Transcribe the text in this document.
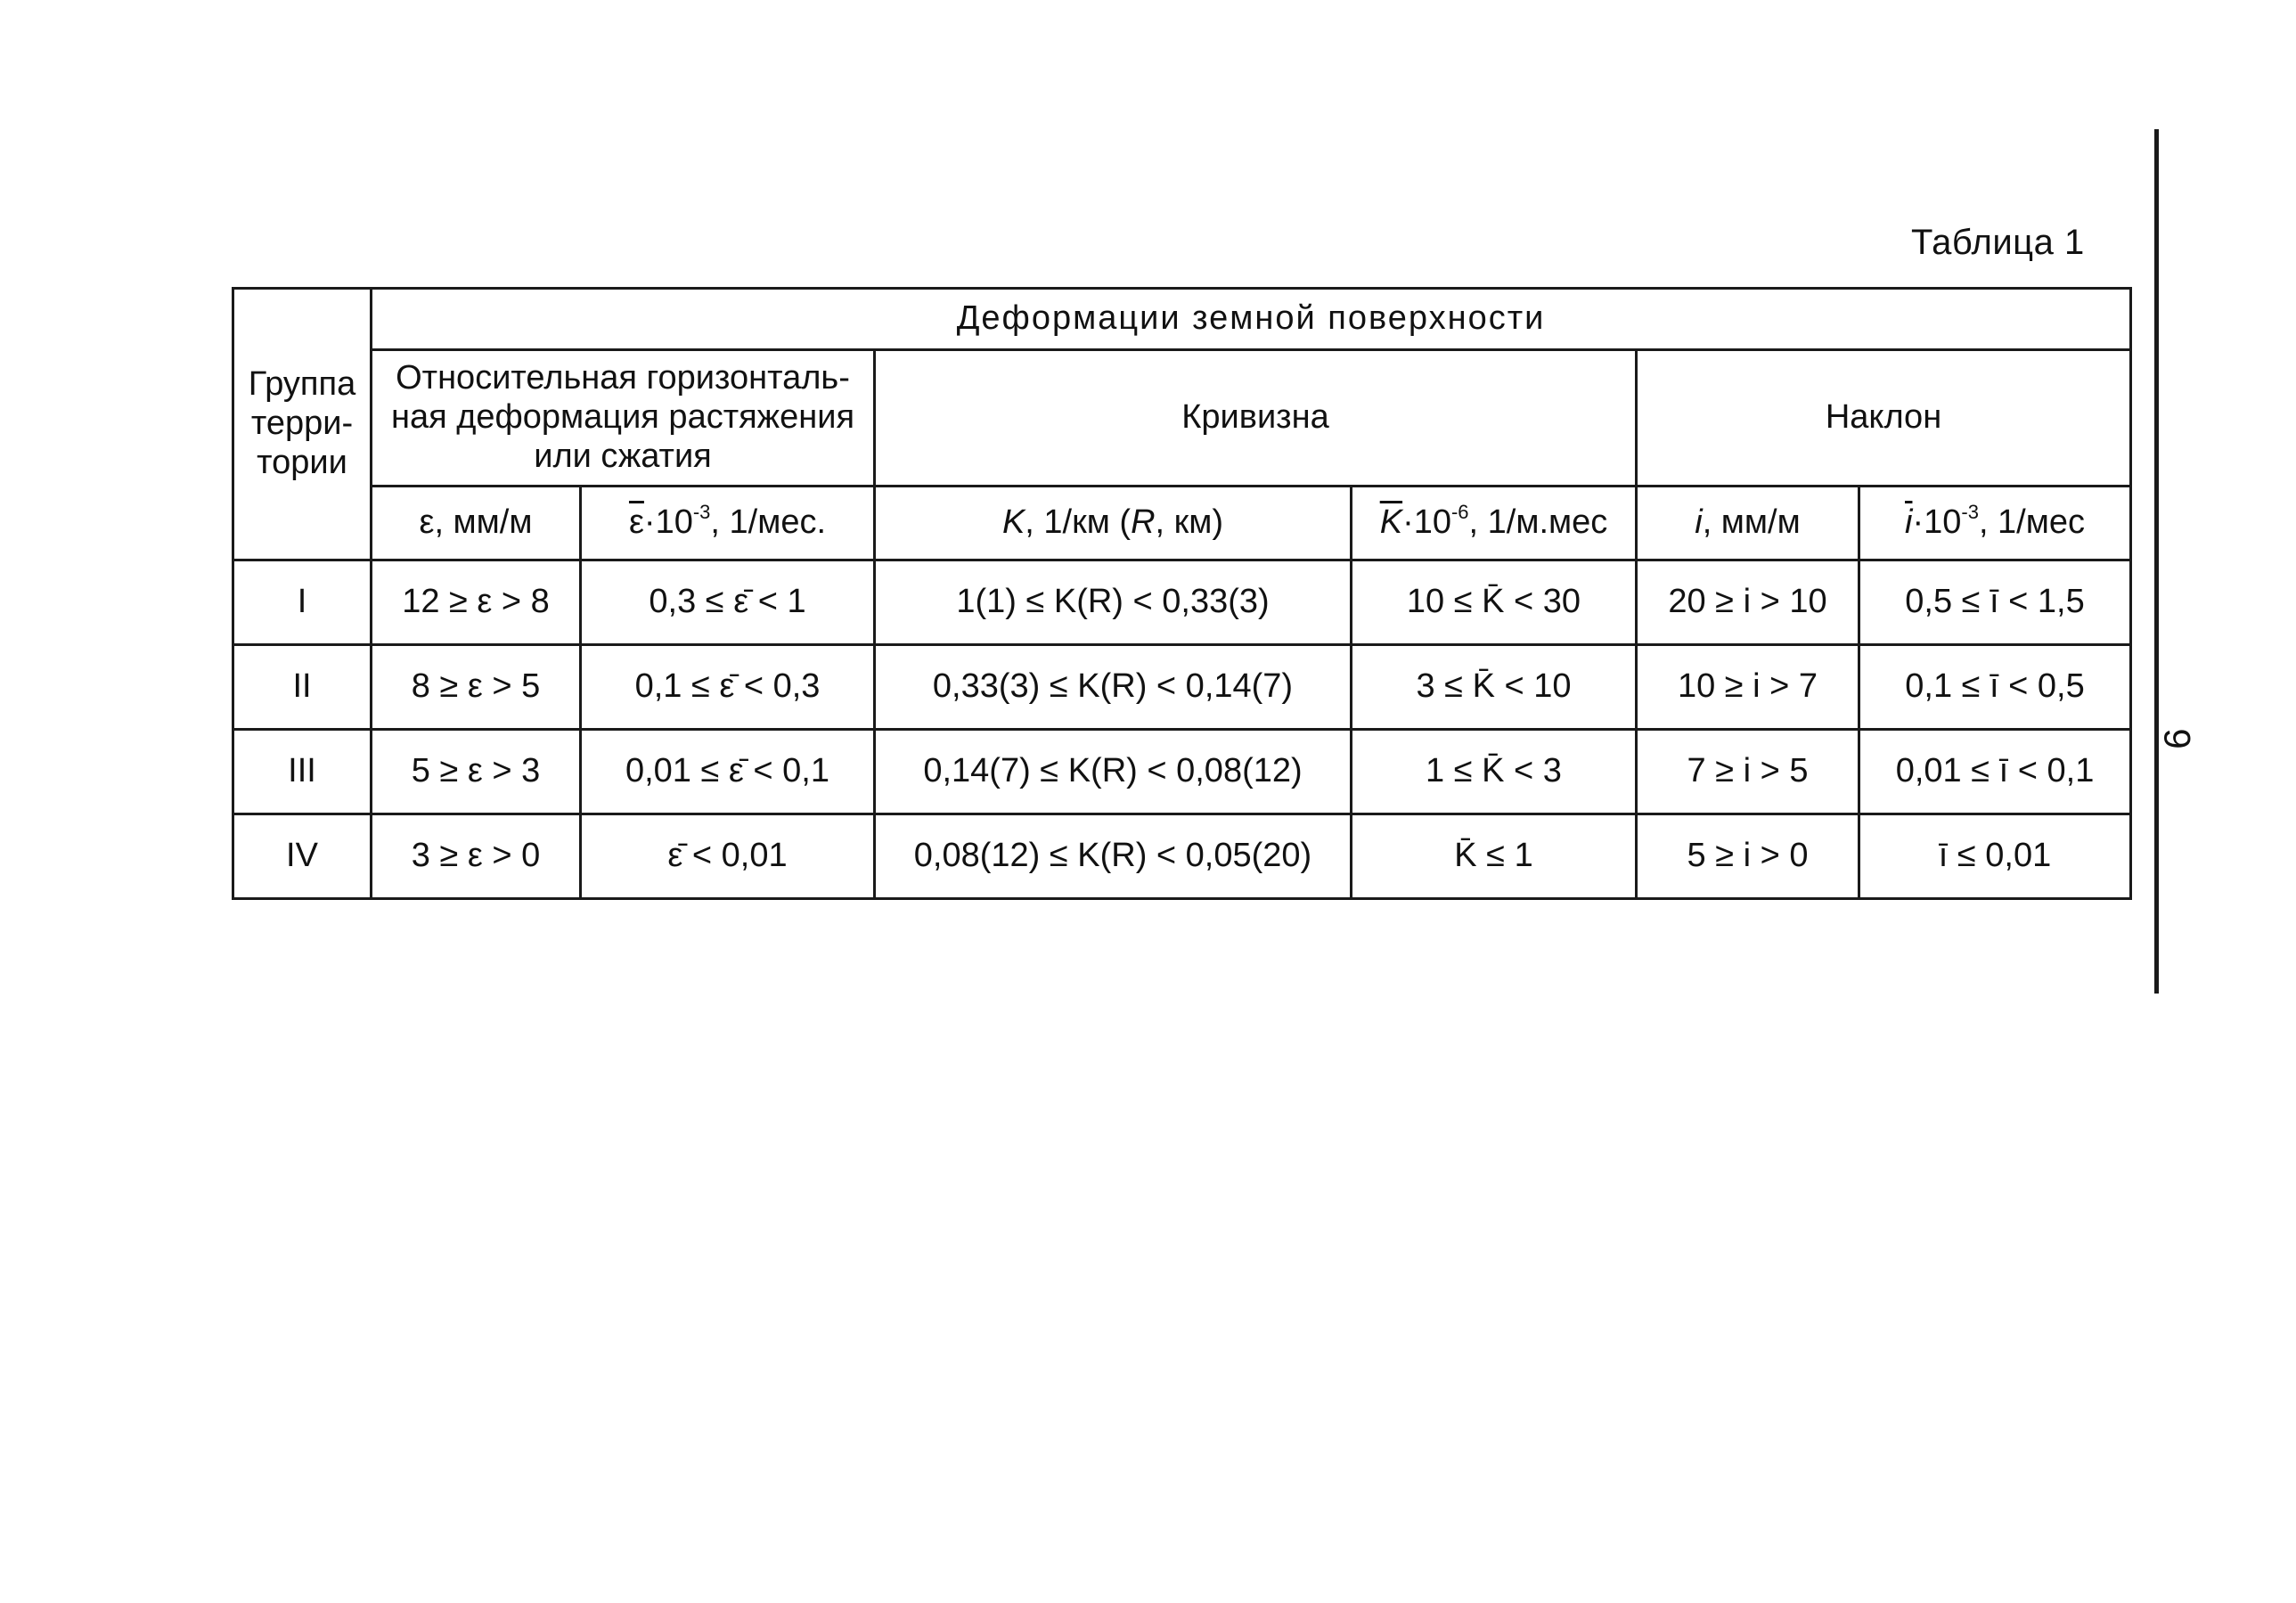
Таблица 1
Группа терри-тории	Деформации земной поверхности					
	Относительная горизонталь-ная деформация растяжения или сжатия		Кривизна		Наклон	
	ε, мм/м	$\overline{\varepsilon}\cdot 10^{-3}$, 1/мес.	K, 1/км (R, км)	$\overline{K}\cdot 10^{-6}$, 1/м.мес	i, мм/м	$\overline{i}\cdot 10^{-3}$, 1/мес
I	12 ≥ ε > 8	0,3 ≤ ε̄ < 1	1(1) ≤ K(R) < 0,33(3)	10 ≤ K̄ < 30	20 ≥ i > 10	0,5 ≤ ī < 1,5
II	8 ≥ ε > 5	0,1 ≤ ε̄ < 0,3	0,33(3) ≤ K(R) < 0,14(7)	3 ≤ K̄ < 10	10 ≥ i > 7	0,1 ≤ ī < 0,5
III	5 ≥ ε > 3	0,01 ≤ ε̄ < 0,1	0,14(7) ≤ K(R) < 0,08(12)	1 ≤ K̄ < 3	7 ≥ i > 5	0,01 ≤ ī < 0,1
IV	3 ≥ ε > 0	ε̄ < 0,01	0,08(12) ≤ K(R) < 0,05(20)	K̄ ≤ 1	5 ≥ i > 0	ī ≤ 0,01
9
